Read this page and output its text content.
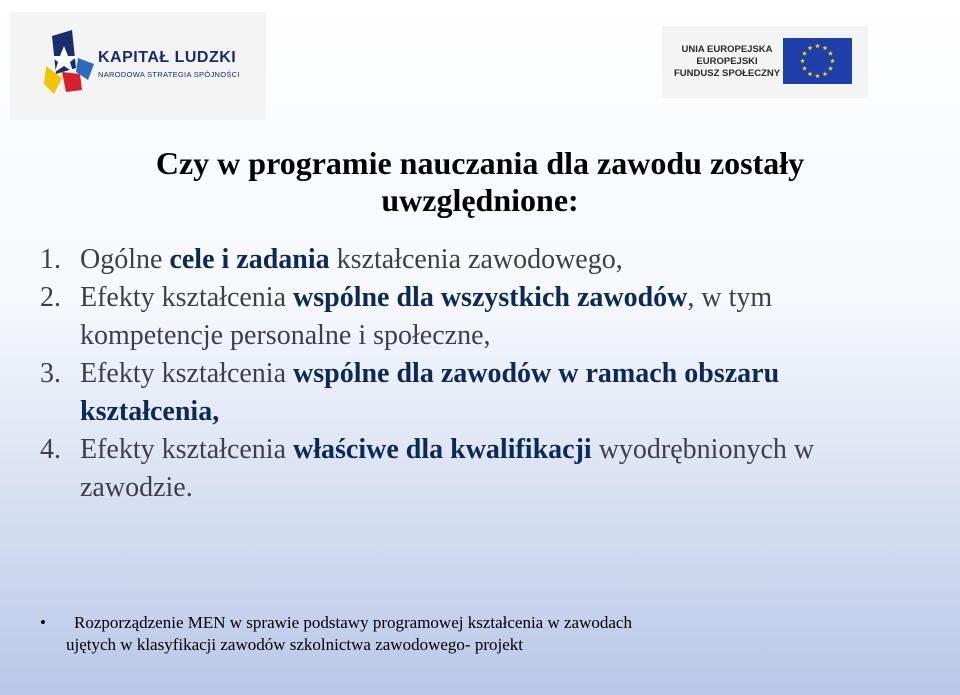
KAPITAŁ LUDZKI
NARODOWA STRATEGIA SPÓJNOŚCI
UNIA EUROPEJSKA
EUROPEJSKI
FUNDUSZ SPOŁECZNY
Czy w programie nauczania dla zawodu zostały
uwzględnione:
1. Ogólne cele i zadania kształcenia zawodowego,
2. Efekty kształcenia wspólne dla wszystkich zawodów, w tym kompetencje personalne i społeczne,
3. Efekty kształcenia wspólne dla zawodów w ramach obszaru kształcenia,
4. Efekty kształcenia właściwe dla kwalifikacji wyodrębnionych w zawodzie.
•	Rozporządzenie MEN w sprawie podstawy programowej kształcenia w zawodach
ujętych w klasyfikacji zawodów szkolnictwa zawodowego- projekt
